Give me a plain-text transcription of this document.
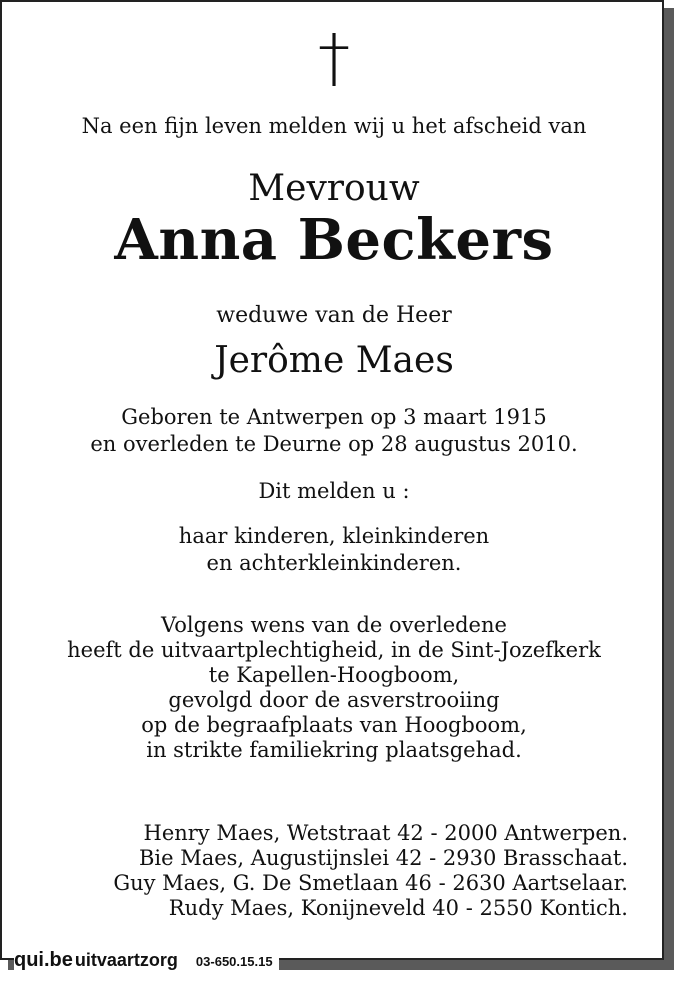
†
Na een fijn leven melden wij u het afscheid van
Mevrouw
Anna Beckers
weduwe van de Heer
Jerôme Maes
Geboren te Antwerpen op 3 maart 1915
en overleden te Deurne op 28 augustus 2010.
Dit melden u :
haar kinderen, kleinkinderen
en achterkleinkinderen.
Volgens wens van de overledene
heeft de uitvaartplechtigheid, in de Sint-Jozefkerk
te Kapellen-Hoogboom,
gevolgd door de asverstrooiing
op de begraafplaats van Hoogboom,
in strikte familiekring plaatsgehad.
Henry Maes, Wetstraat 42 - 2000 Antwerpen.
Bie Maes, Augustijnslei 42 - 2930 Brasschaat.
Guy Maes, G. De Smetlaan 46 - 2630 Aartselaar.
Rudy Maes, Konijneveld 40 - 2550 Kontich.
qui.be uitvaartzorg 03-650.15.15
